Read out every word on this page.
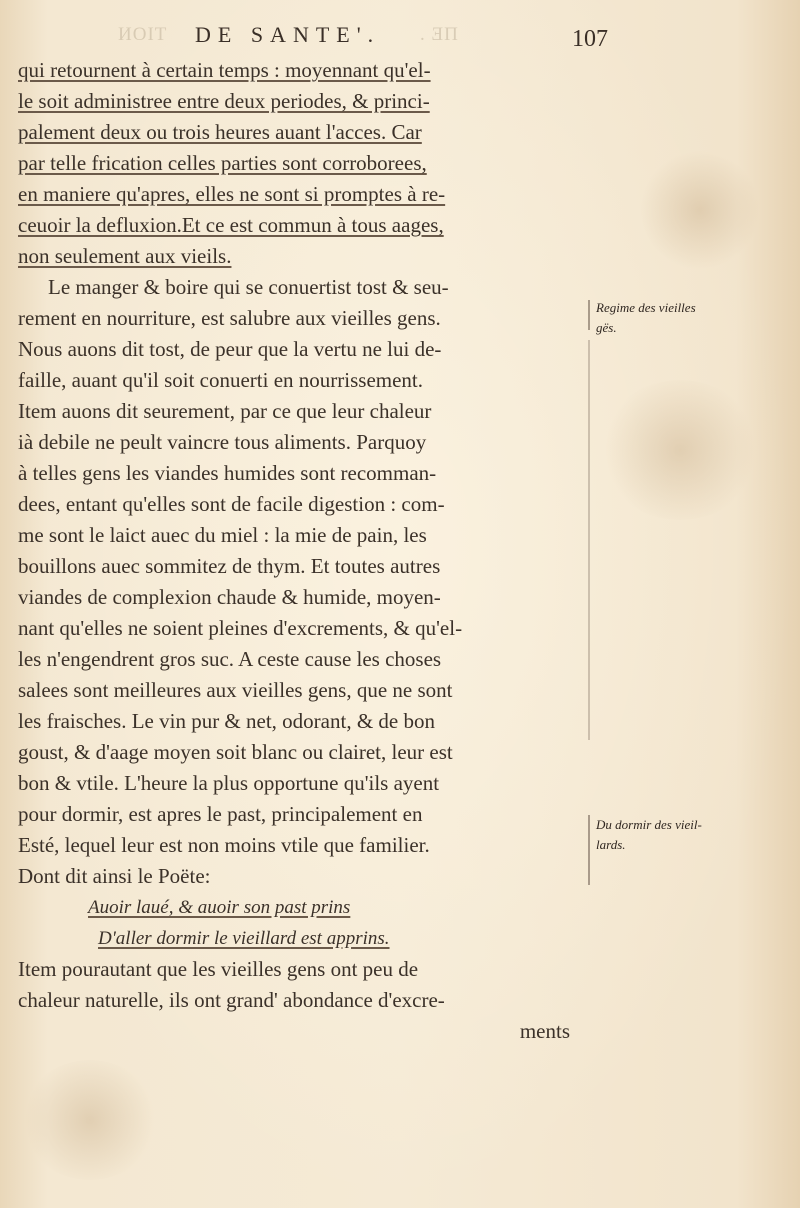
ИОIТ	. ƎΠ
DE SANTE'.	107
qui retournent à certain temps : moyennant qu'el-
le soit administree entre deux periodes, & princi-
palement deux ou trois heures auant l'acces. Car
par telle frication celles parties sont corroborees,
en maniere qu'apres, elles ne sont si promptes à re-
ceuoir la defluxion.Et ce est commun à tous aages,
non seulement aux vieils.
Le manger & boire qui se conuertist tost & seu-
rement en nourriture, est salubre aux vieilles gens.
Nous auons dit tost, de peur que la vertu ne lui de-
faille, auant qu'il soit conuerti en nourrissement.
Item auons dit seurement, par ce que leur chaleur
ià debile ne peult vaincre tous aliments. Parquoy
à telles gens les viandes humides sont recomman-
dees, entant qu'elles sont de facile digestion : com-
me sont le laict auec du miel : la mie de pain, les
bouillons auec sommitez de thym. Et toutes autres
viandes de complexion chaude & humide, moyen-
nant qu'elles ne soient pleines d'excrements, & qu'el-
les n'engendrent gros suc. A ceste cause les choses
salees sont meilleures aux vieilles gens, que ne sont
les fraisches. Le vin pur & net, odorant, & de bon
goust, & d'aage moyen soit blanc ou clairet, leur est
bon & vtile. L'heure la plus opportune qu'ils ayent
pour dormir, est apres le past, principalement en
Esté, lequel leur est non moins vtile que familier.
Dont dit ainsi le Poëte:
Auoir laué, & auoir son past prins
D'aller dormir le vieillard est apprins.
Item pourautant que les vieilles gens ont peu de
chaleur naturelle, ils ont grand' abondance d'excre-
ments
Regime des vieilles gës.
Du dormir des vieil-lards.
